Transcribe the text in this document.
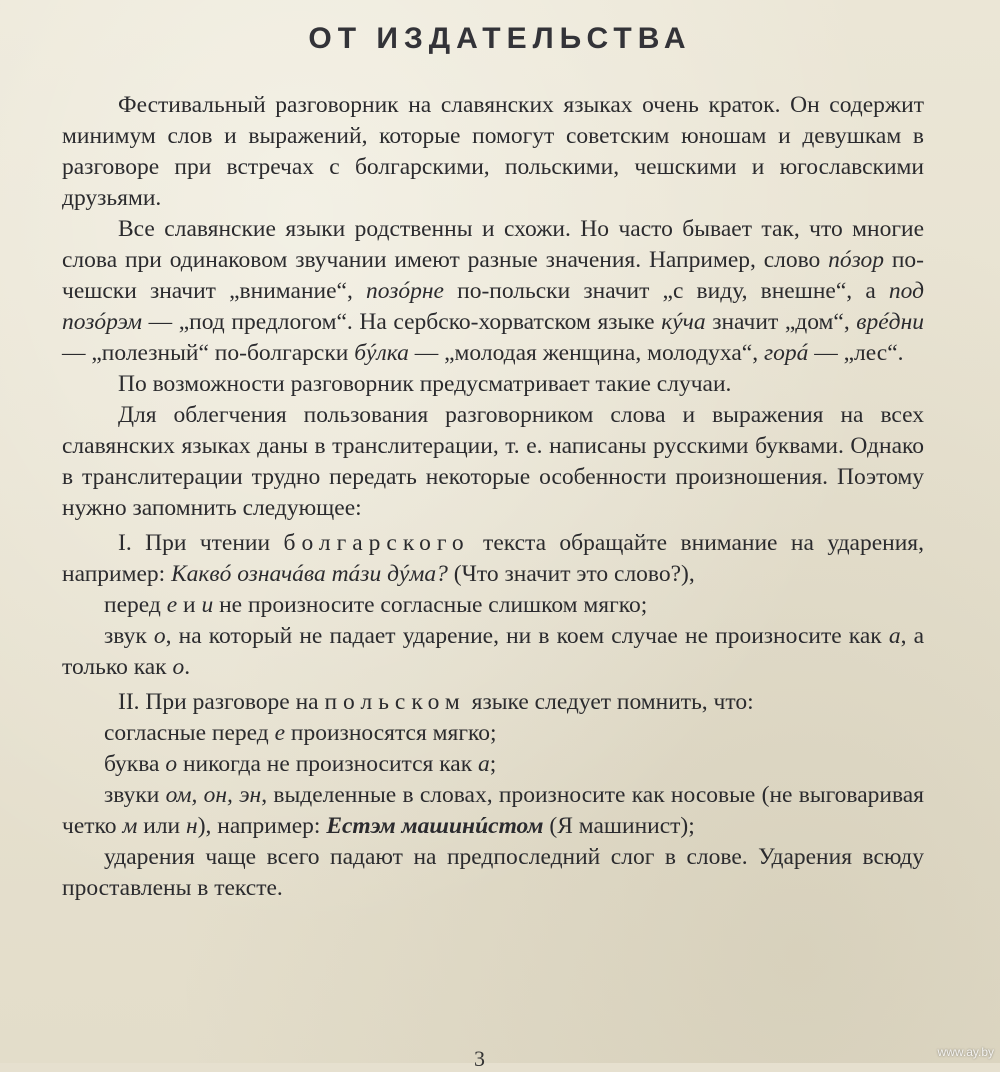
ОТ ИЗДАТЕЛЬСТВА

Фестивальный разговорник на славянских языках очень краток. Он содержит минимум слов и выражений, которые помогут советским юношам и девушкам в разговоре при встречах с болгарскими, польскими, чешскими и югославскими друзьями.

Все славянские языки родственны и схожи. Но часто бывает так, что многие слова при одинаковом звучании имеют разные значения. Например, слово пóзор по-чешски значит „внимание“, позóрне по-польски значит „с виду, внешне“, а под позóрэм — „под предлогом“. На сербско-хорватском языке кýча значит „дом“, врéдни — „полезный“ по-болгарски бýлка — „молодая женщина, молодуха“, горá — „лес“.

По возможности разговорник предусматривает такие случаи.

Для облегчения пользования разговорником слова и выражения на всех славянских языках даны в транслитерации, т. е. написаны русскими буквами. Однако в транслитерации трудно передать некоторые особенности произношения. Поэтому нужно запомнить следующее:

I. При чтении болгарского текста обращайте внимание на ударения, например: Каквó означáва тáзи дýма? (Что значит это слово?),

перед е и и не произносите согласные слишком мягко;

звук о, на который не падает ударение, ни в коем случае не произносите как а, а только как о.

II. При разговоре на польском языке следует помнить, что:

согласные перед е произносятся мягко;

буква о никогда не произносится как а;

звуки ом, он, эн, выделенные в словах, произносите как носовые (не выговаривая четко м или н), например: Естэм машинúстом (Я машинист);

ударения чаще всего падают на предпоследний слог в слове. Ударения всюду проставлены в тексте.

3	www.ay.by
